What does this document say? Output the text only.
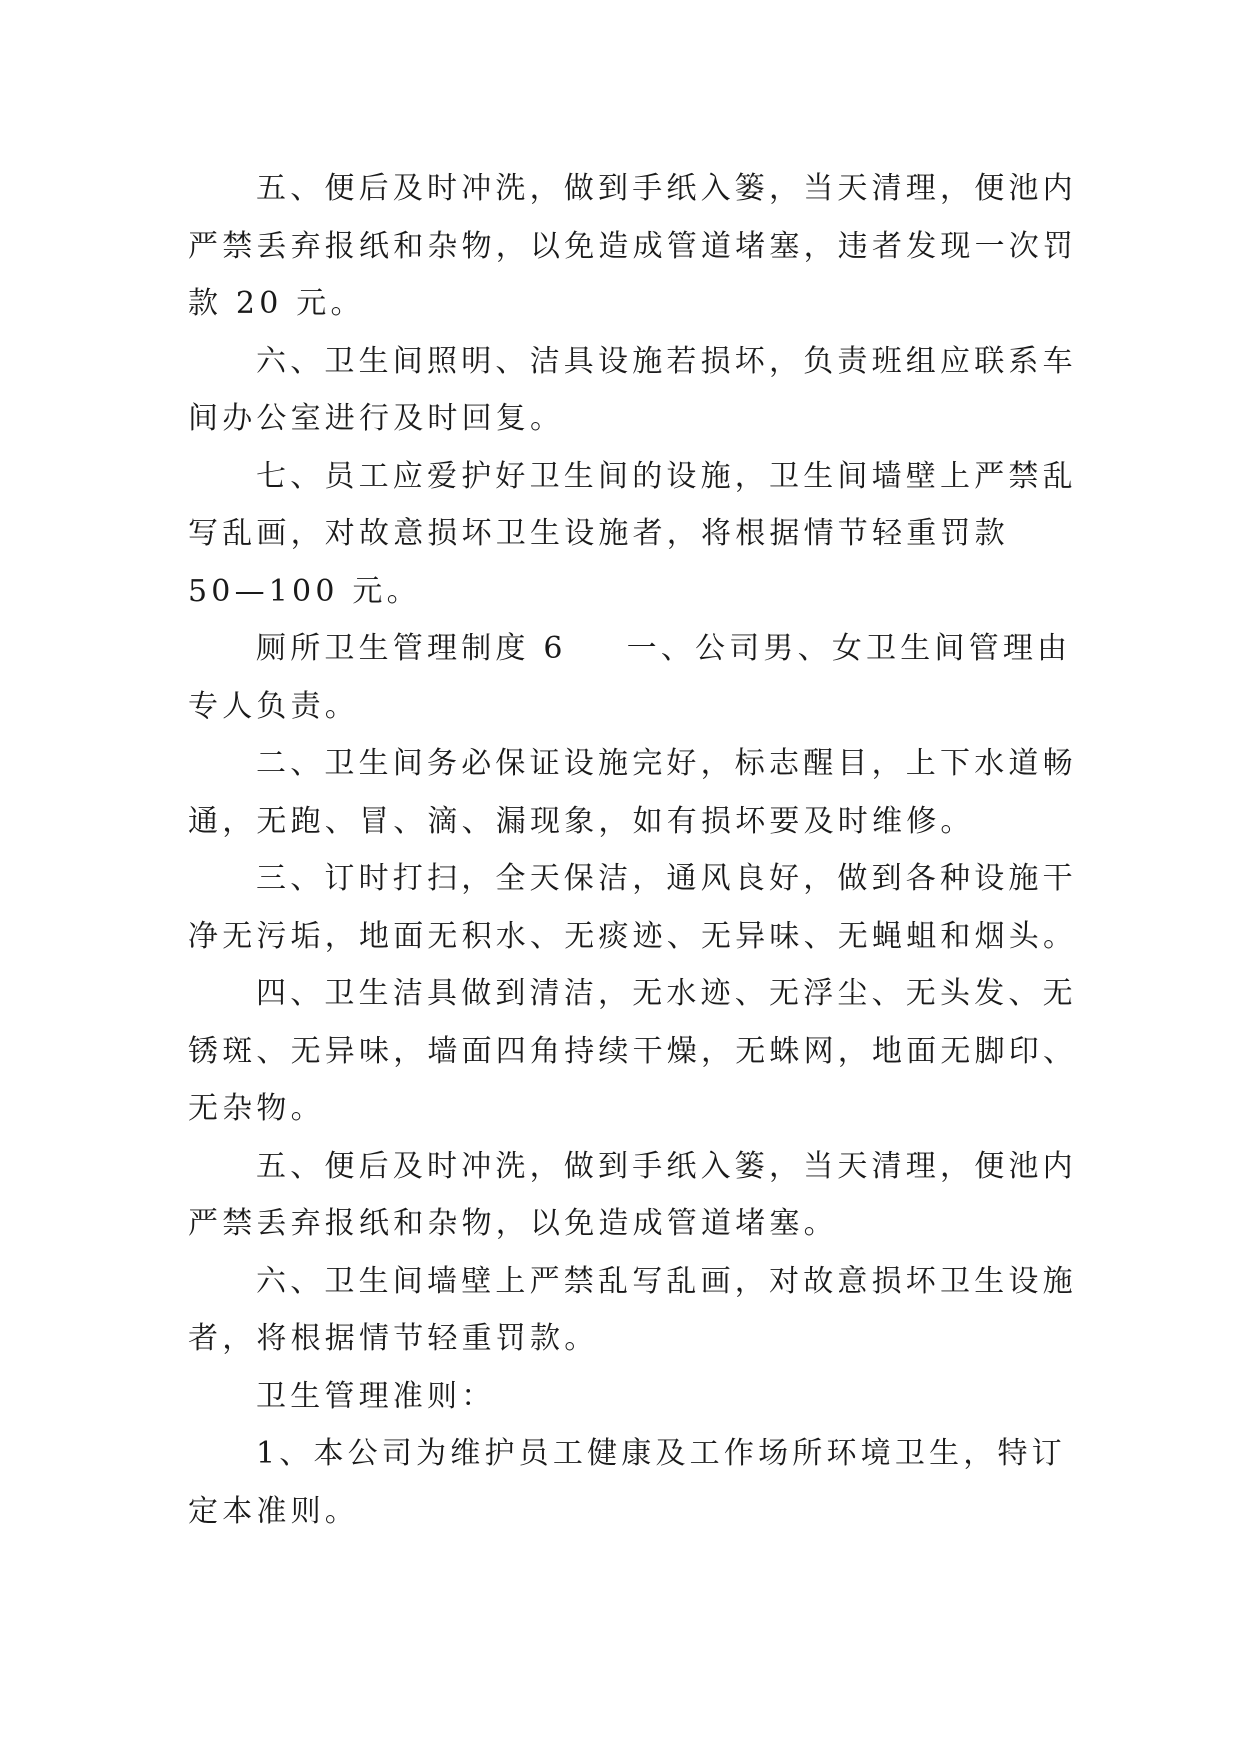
五、便后及时冲洗，做到手纸入篓，当天清理，便池内
严禁丢弃报纸和杂物，以免造成管道堵塞，违者发现一次罚
款 20 元。
六、卫生间照明、洁具设施若损坏，负责班组应联系车
间办公室进行及时回复。
七、员工应爱护好卫生间的设施，卫生间墙壁上严禁乱
写乱画，对故意损坏卫生设施者，将根据情节轻重罚款
50—100 元。
厕所卫生管理制度 6 一、公司男、女卫生间管理由
专人负责。
二、卫生间务必保证设施完好，标志醒目，上下水道畅
通，无跑、冒、滴、漏现象，如有损坏要及时维修。
三、订时打扫，全天保洁，通风良好，做到各种设施干
净无污垢，地面无积水、无痰迹、无异味、无蝇蛆和烟头。
四、卫生洁具做到清洁，无水迹、无浮尘、无头发、无
锈斑、无异味，墙面四角持续干燥，无蛛网，地面无脚印、
无杂物。
五、便后及时冲洗，做到手纸入篓，当天清理，便池内
严禁丢弃报纸和杂物，以免造成管道堵塞。
六、卫生间墙壁上严禁乱写乱画，对故意损坏卫生设施
者，将根据情节轻重罚款。
卫生管理准则：
1、本公司为维护员工健康及工作场所环境卫生，特订
定本准则。
